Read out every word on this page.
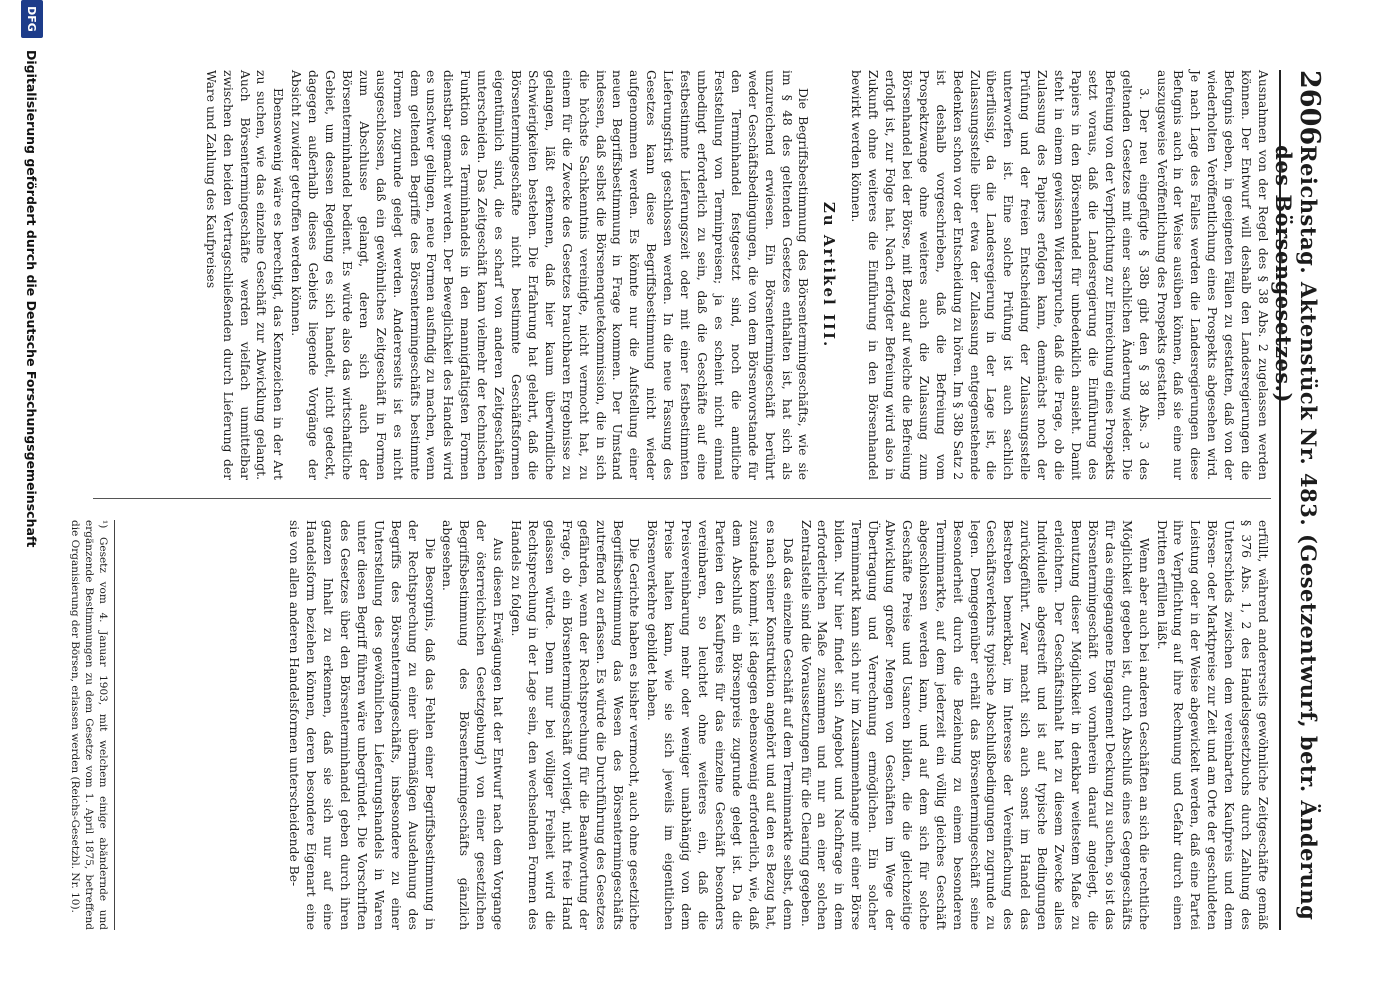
2606
Reichstag. Aktenstück Nr. 483. (Gesetzentwurf, betr. Änderung des Börsengesetzes.)

Ausnahmen von der Regel des § 38 Abs. 2 zugelassen werden können. Der Entwurf will deshalb den Landesregierungen die Befugnis geben, in geeigneten Fällen zu gestatten, daß von der wiederholten Veröffentlichung eines Prospekts abgesehen wird. Je nach Lage des Falles werden die Landesregierungen diese Befugnis auch in der Weise ausüben können, daß sie eine nur auszugsweise Veröffentlichung des Prospekts gestatten.

3. Der neu eingefügte § 38b gibt den § 38 Abs. 3 des geltenden Gesetzes mit einer sachlichen Änderung wieder. Die Befreiung von der Verpflichtung zur Einreichung eines Prospekts setzt voraus, daß die Landesregierung die Einführung des Papiers in den Börsenhandel für unbedenklich ansieht. Damit steht in einem gewissen Widerspruche, daß die Frage, ob die Zulassung des Papiers erfolgen kann, demnächst noch der Prüfung und der freien Entscheidung der Zulassungsstelle unterworfen ist. Eine solche Prüfung ist auch sachlich überflüssig, da die Landesregierung in der Lage ist, die Zulassungsstelle über etwa der Zulassung entgegenstehende Bedenken schon vor der Entscheidung zu hören. Im § 38b Satz 2 ist deshalb vorgeschrieben, daß die Befreiung vom Prospektzwange ohne weiteres auch die Zulassung zum Börsenhandel bei der Börse, mit Bezug auf welche die Befreiung erfolgt ist, zur Folge hat. Nach erfolgter Befreiung wird also in Zukunft ohne weiteres die Einführung in den Börsenhandel bewirkt werden können.

Zu Artikel III.

Die Begriffsbestimmung des Börsentermingeschäfts, wie sie im § 48 des geltenden Gesetzes enthalten ist, hat sich als unzureichend erwiesen. Ein Börsentermingeschäft berührt weder Geschäftsbedingungen, die von dem Börsenvorstande für den Terminhandel festgesetzt sind, noch die amtliche Feststellung von Terminpreisen; ja es scheint nicht einmal unbedingt erforderlich zu sein, daß die Geschäfte auf eine festbestimmte Lieferungszeit oder mit einer festbestimmten Lieferungsfrist geschlossen werden. In die neue Fassung des Gesetzes kann diese Begriffsbestimmung nicht wieder aufgenommen werden. Es könnte nur die Aufstellung einer neuen Begriffsbestimmung in Frage kommen. Der Umstand indessen, daß selbst die Börsenenquetekommission, die in sich die höchste Sachkenntnis vereinigte, nicht vermocht hat, zu einem für die Zwecke des Gesetzes brauchbaren Ergebnisse zu gelangen, läßt erkennen, daß hier kaum überwindliche Schwierigkeiten bestehen. Die Erfahrung hat gelehrt, daß die Börsentermingeschäfte nicht bestimmte Geschäftsformen eigentümlich sind, die es scharf von anderen Zeitgeschäften unterscheiden. Das Zeitgeschäft kann vielmehr der technischen Funktion des Terminhandels in den mannigfaltigsten Formen dienstbar gemacht werden. Der Beweglichkeit des Handels wird es unschwer gelingen, neue Formen ausfindig zu machen, wenn dem geltenden Begriffe des Börsentermingeschäfts bestimmte Formen zugrunde gelegt werden. Andererseits ist es nicht ausgeschlossen, daß ein gewöhnliches Zeitgeschäft in Formen zum Abschlusse gelangt, deren sich auch der Börsenterminhandel bedient. Es würde also das wirtschaftliche Gebiet, um dessen Regelung es sich handelt, nicht gedeckt, dagegen außerhalb dieses Gebiets liegende Vorgänge der Absicht zuwider getroffen werden können.

Ebensowenig wäre es berechtigt, das Kennzeichen in der Art zu suchen, wie das einzelne Geschäft zur Abwicklung gelangt. Auch Börsentermingeschäfte werden vielfach unmittelbar zwischen den beiden Vertragschließenden durch Lieferung der Ware und Zahlung des Kaufpreises

erfüllt, während andererseits gewöhnliche Zeitgeschäfte gemäß § 376 Abs. 1, 2 des Handelsgesetzbuchs durch Zahlung des Unterschieds zwischen dem vereinbarten Kaufpreis und dem Börsen- oder Marktpreise zur Zeit und am Orte der geschuldeten Leistung oder in der Weise abgewickelt werden, daß eine Partei ihre Verpflichtung auf ihre Rechnung und Gefahr durch einen Dritten erfüllen läßt.

Wenn aber auch bei anderen Geschäften an sich die rechtliche Möglichkeit gegeben ist, durch Abschluß eines Gegengeschäfts für das eingegangene Engagement Deckung zu suchen, so ist das Börsentermingeschäft von vornherein darauf angelegt, die Benutzung dieser Möglichkeit in denkbar weitestem Maße zu erleichtern. Der Geschäftsinhalt hat zu diesem Zwecke alles Individuelle abgestreift und ist auf typische Bedingungen zurückgeführt. Zwar macht sich auch sonst im Handel das Bestreben bemerkbar, im Interesse der Vereinfachung des Geschäftsverkehrs typische Abschlußbedingungen zugrunde zu legen. Demgegenüber erhält das Börsentermingeschäft seine Besonderheit durch die Beziehung zu einem besonderen Terminmarkte, auf dem jederzeit ein völlig gleiches Geschäft abgeschlossen werden kann, und auf dem sich für solche Geschäfte Preise und Usancen bilden, die die gleichzeitige Abwicklung großer Mengen von Geschäften im Wege der Übertragung und Verrechnung ermöglichen. Ein solcher Terminmarkt kann sich nur im Zusammenhange mit einer Börse bilden. Nur hier findet sich Angebot und Nachfrage in dem erforderlichen Maße zusammen und nur an einer solchen Zentralstelle sind die Voraussetzungen für die Clearing gegeben.

Daß das einzelne Geschäft auf dem Terminmarkte selbst, denn es nach seiner Konstruktion angehört und auf den es Bezug hat, zustande kommt, ist dagegen ebensowenig erforderlich, wie, daß dem Abschluß ein Börsenpreis zugrunde gelegt ist. Da die Parteien den Kaufpreis für das einzelne Geschäft besonders vereinbaren, so leuchtet ohne weiteres ein, daß die Preisvereinbarung mehr oder weniger unabhängig von dem Preise halten kann, wie sie sich jeweils im eigentlichen Börsenverkehre gebildet haben.

Die Gerichte haben es bisher vermocht, auch ohne gesetzliche Begriffsbestimmung das Wesen des Börsentermingeschäfts zutreffend zu erfassen. Es würde die Durchführung des Gesetzes gefährden, wenn der Rechtsprechung für die Beantwortung der Frage, ob ein Börsentermingeschäft vorliegt, nicht freie Hand gelassen würde. Denn nur bei völliger Freiheit wird die Rechtsprechung in der Lage sein, den wechselnden Formen des Handels zu folgen.

Aus diesen Erwägungen hat der Entwurf nach dem Vorgange der österreichischen Gesetzgebung¹) von einer gesetzlichen Begriffsbestimmung des Börsentermingeschäfts gänzlich abgesehen.

Die Besorgnis, daß das Fehlen einer Begriffsbestimmung in der Rechtsprechung zu einer übermäßigen Ausdehnung des Begriffs des Börsentermingeschäfts, insbesondere zu einer Unterstellung des gewöhnlichen Lieferungshandels in Waren unter diesen Begriff führen wäre unbegründet. Die Vorschriften des Gesetzes über den Börsenterminhandel geben durch ihren ganzen Inhalt zu erkennen, daß sie sich nur auf eine Handelsform beziehen können, deren besondere Eigenart eine sie von allen anderen Handelsformen unterscheidende Be-

¹) Gesetz vom 4. Januar 1903, mit welchem einige abändernde und ergänzende Bestimmungen zu dem Gesetze vom 1. April 1875, betreffend die Organisierung der Börsen, erlassen werden (Reichs-Gesetzbl. Nr. 10).

DFG
Digitalisierung gefördert durch die Deutsche Forschungsgemeinschaft
